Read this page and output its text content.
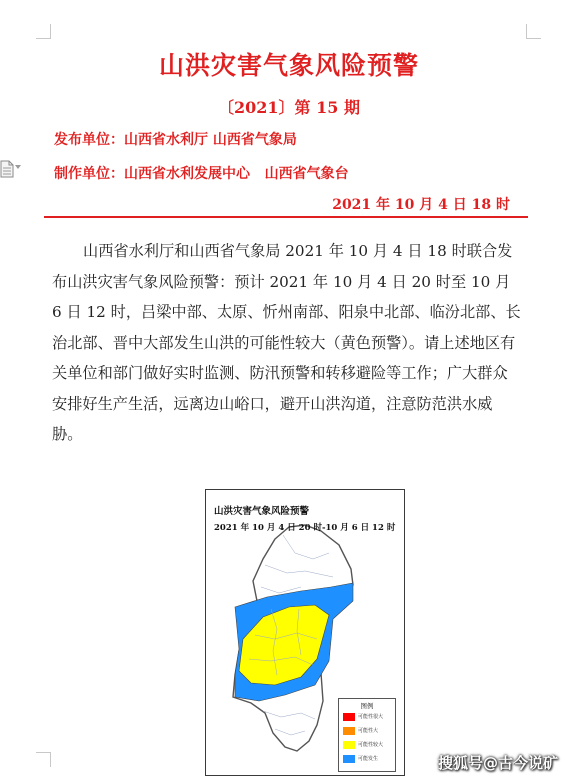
山洪灾害气象风险预警
〔2021〕第 15 期
发布单位：山西省水利厅 山西省气象局
制作单位：山西省水利发展中心   山西省气象台
2021 年 10 月 4 日 18 时

山西省水利厅和山西省气象局 2021 年 10 月 4 日 18 时联合发布山洪灾害气象风险预警：预计 2021 年 10 月 4 日 20 时至 10 月 6 日 12 时，吕梁中部、太原、忻州南部、阳泉中北部、临汾北部、长治北部、晋中大部发生山洪的可能性较大（黄色预警）。请上述地区有关单位和部门做好实时监测、防汛预警和转移避险等工作；广大群众安排好生产生活，远离边山峪口，避开山洪沟道，注意防范洪水威胁。

山洪灾害气象风险预警
2021 年 10 月 4 日 20 时-10 月 6 日 12 时
图例
可能性很大
可能性大
可能性较大
可能发生	搜狐号@古今说矿
